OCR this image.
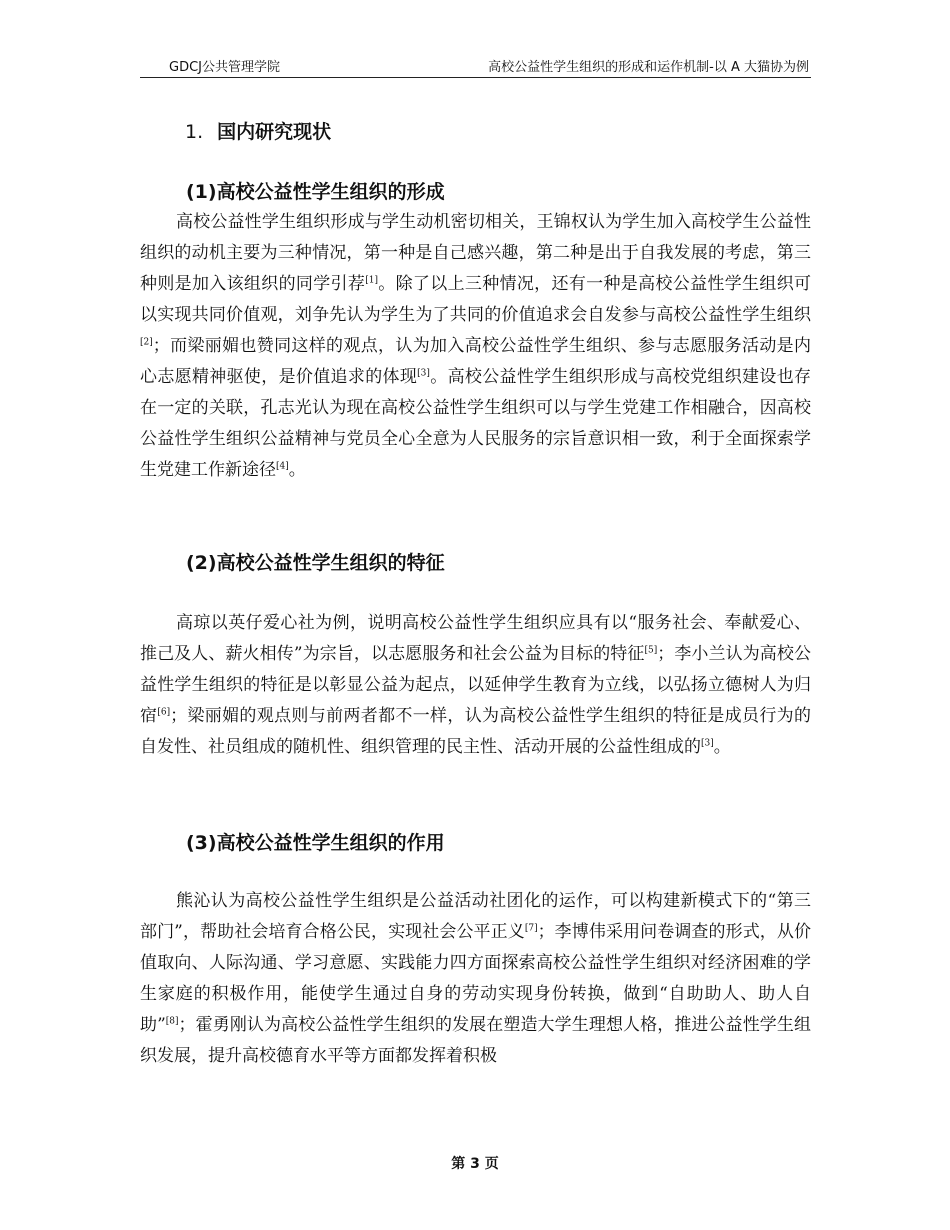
GDCJ公共管理学院	高校公益性学生组织的形成和运作机制-以 A 大猫协为例
1. 国内研究现状
(1)高校公益性学生组织的形成

高校公益性学生组织形成与学生动机密切相关，王锦权认为学生加入高校学生公益性组织的动机主要为三种情况，第一种是自己感兴趣，第二种是出于自我发展的考虑，第三种则是加入该组织的同学引荐[1]。除了以上三种情况，还有一种是高校公益性学生组织可以实现共同价值观，刘争先认为学生为了共同的价值追求会自发参与高校公益性学生组织[2]；而梁丽媚也赞同这样的观点，认为加入高校公益性学生组织、参与志愿服务活动是内心志愿精神驱使，是价值追求的体现[3]。高校公益性学生组织形成与高校党组织建设也存在一定的关联，孔志光认为现在高校公益性学生组织可以与学生党建工作相融合，因高校公益性学生组织公益精神与党员全心全意为人民服务的宗旨意识相一致，利于全面探索学生党建工作新途径[4]。

(2)高校公益性学生组织的特征

高琼以英仔爱心社为例，说明高校公益性学生组织应具有以“服务社会、奉献爱心、推己及人、薪火相传”为宗旨，以志愿服务和社会公益为目标的特征[5]；李小兰认为高校公益性学生组织的特征是以彰显公益为起点，以延伸学生教育为立线，以弘扬立德树人为归宿[6]；梁丽媚的观点则与前两者都不一样，认为高校公益性学生组织的特征是成员行为的自发性、社员组成的随机性、组织管理的民主性、活动开展的公益性组成的[3]。

(3)高校公益性学生组织的作用

熊沁认为高校公益性学生组织是公益活动社团化的运作，可以构建新模式下的“第三部门”，帮助社会培育合格公民，实现社会公平正义[7]；李博伟采用问卷调查的形式，从价值取向、人际沟通、学习意愿、实践能力四方面探索高校公益性学生组织对经济困难的学生家庭的积极作用，能使学生通过自身的劳动实现身份转换，做到“自助助人、助人自助”[8]；霍勇刚认为高校公益性学生组织的发展在塑造大学生理想人格，推进公益性学生组织发展，提升高校德育水平等方面都发挥着积极

第 3 页
